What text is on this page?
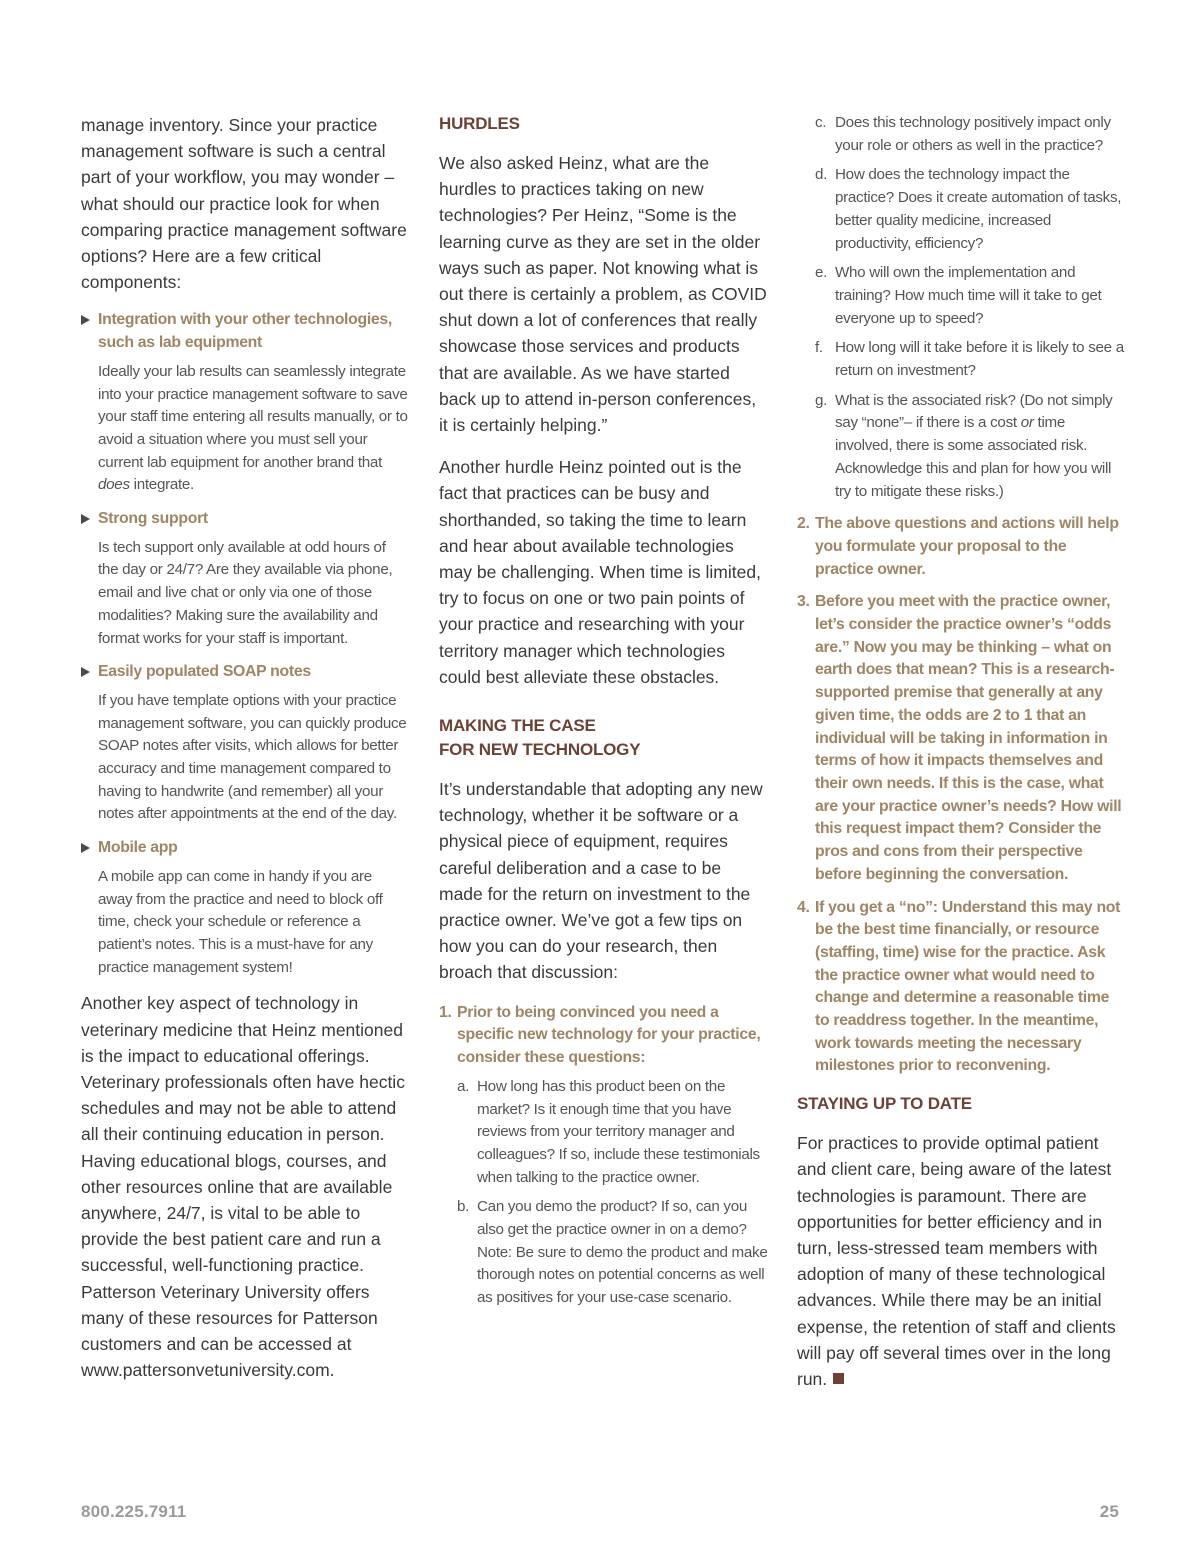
manage inventory. Since your practice management software is such a central part of your workflow, you may wonder – what should our practice look for when comparing practice management software options? Here are a few critical components:

Integration with your other technologies, such as lab equipment
Ideally your lab results can seamlessly integrate into your practice management software to save your staff time entering all results manually, or to avoid a situation where you must sell your current lab equipment for another brand that does integrate.
Strong support
Is tech support only available at odd hours of the day or 24/7? Are they available via phone, email and live chat or only via one of those modalities? Making sure the availability and format works for your staff is important.
Easily populated SOAP notes
If you have template options with your practice management software, you can quickly produce SOAP notes after visits, which allows for better accuracy and time management compared to having to handwrite (and remember) all your notes after appointments at the end of the day.
Mobile app
A mobile app can come in handy if you are away from the practice and need to block off time, check your schedule or reference a patient’s notes. This is a must-have for any practice management system!

Another key aspect of technology in veterinary medicine that Heinz mentioned is the impact to educational offerings. Veterinary professionals often have hectic schedules and may not be able to attend all their continuing education in person. Having educational blogs, courses, and other resources online that are available anywhere, 24/7, is vital to be able to provide the best patient care and run a successful, well-functioning practice. Patterson Veterinary University offers many of these resources for Patterson customers and can be accessed at www.pattersonvetuniversity.com.

HURDLES

We also asked Heinz, what are the hurdles to practices taking on new technologies? Per Heinz, “Some is the learning curve as they are set in the older ways such as paper. Not knowing what is out there is certainly a problem, as COVID shut down a lot of conferences that really showcase those services and products that are available. As we have started back up to attend in-person conferences, it is certainly helping.”

Another hurdle Heinz pointed out is the fact that practices can be busy and shorthanded, so taking the time to learn and hear about available technologies may be challenging. When time is limited, try to focus on one or two pain points of your practice and researching with your territory manager which technologies could best alleviate these obstacles.

MAKING THE CASE
FOR NEW TECHNOLOGY

It’s understandable that adopting any new technology, whether it be software or a physical piece of equipment, requires careful deliberation and a case to be made for the return on investment to the practice owner. We’ve got a few tips on how you can do your research, then broach that discussion:

1. Prior to being convinced you need a specific new technology for your practice, consider these questions:
a. How long has this product been on the market? Is it enough time that you have reviews from your territory manager and colleagues? If so, include these testimonials when talking to the practice owner.
b. Can you demo the product? If so, can you also get the practice owner in on a demo? Note: Be sure to demo the product and make thorough notes on potential concerns as well as positives for your use-case scenario.
c. Does this technology positively impact only your role or others as well in the practice?
d. How does the technology impact the practice? Does it create automation of tasks, better quality medicine, increased productivity, efficiency?
e. Who will own the implementation and training? How much time will it take to get everyone up to speed?
f. How long will it take before it is likely to see a return on investment?
g. What is the associated risk? (Do not simply say “none”– if there is a cost or time involved, there is some associated risk. Acknowledge this and plan for how you will try to mitigate these risks.)
2. The above questions and actions will help you formulate your proposal to the practice owner.
3. Before you meet with the practice owner, let’s consider the practice owner’s “odds are.” Now you may be thinking – what on earth does that mean? This is a research-supported premise that generally at any given time, the odds are 2 to 1 that an individual will be taking in information in terms of how it impacts themselves and their own needs. If this is the case, what are your practice owner’s needs? How will this request impact them? Consider the pros and cons from their perspective before beginning the conversation.
4. If you get a “no”: Understand this may not be the best time financially, or resource (staffing, time) wise for the practice. Ask the practice owner what would need to change and determine a reasonable time to readdress together. In the meantime, work towards meeting the necessary milestones prior to reconvening.
STAYING UP TO DATE

For practices to provide optimal patient and client care, being aware of the latest technologies is paramount. There are opportunities for better efficiency and in turn, less-stressed team members with adoption of many of these technological advances. While there may be an initial expense, the retention of staff and clients will pay off several times over in the long run.

800.225.7911	25
